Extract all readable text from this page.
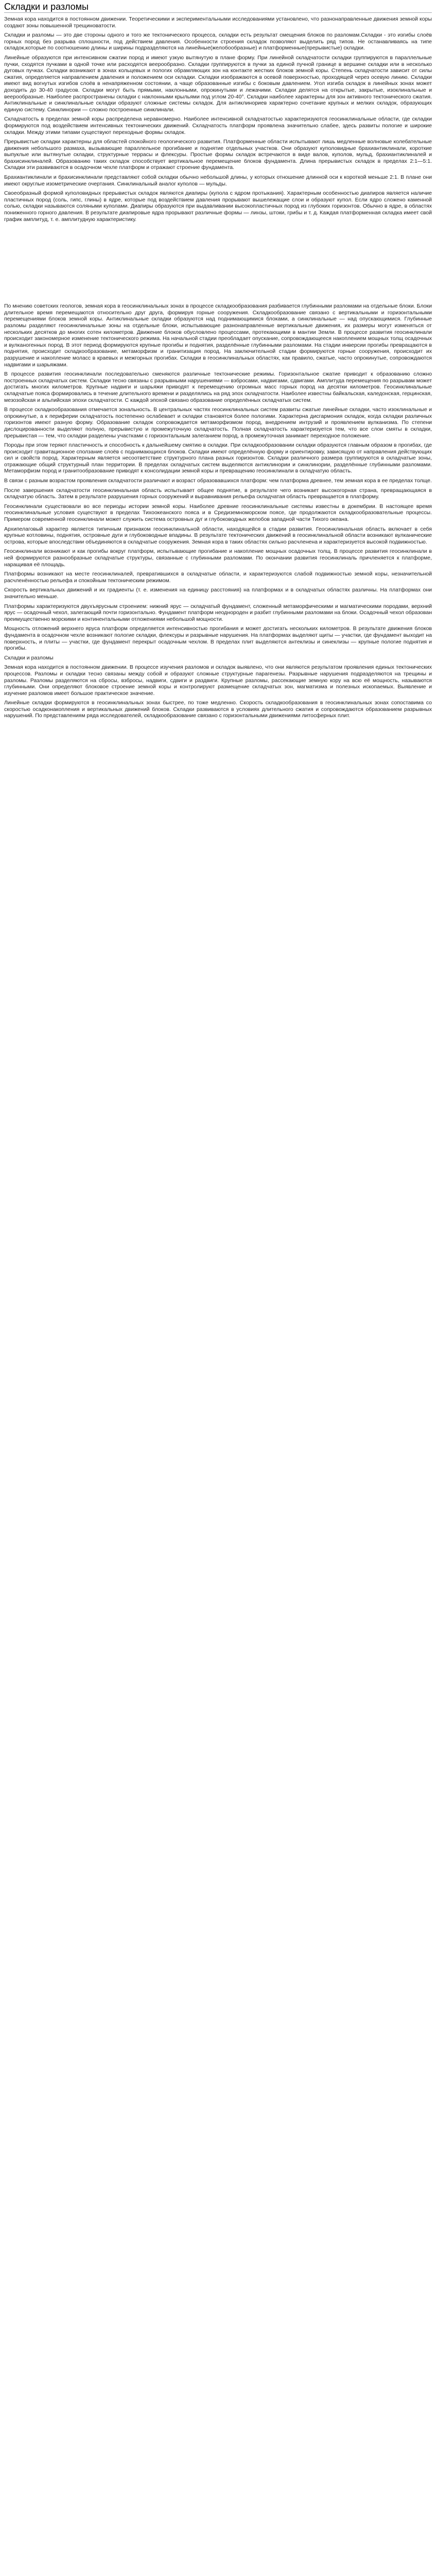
Складки и разломы

Земная кора находится в постоянном движении. Теоретическими и экспериментальными исследованиями установлено, что разнонаправленные движения земной коры создают зоны повышенной трещиноватости.

Складки и разломы — это две стороны одного и того же тектонического процесса, складки есть результат смещения блоков по разломам.Складки - это изгибы слоёв горных пород без разрыва сплошности, под действием давления. Особенности строения складок позволяют выделить ряд типов. Не останавливаясь на типе складок,которые по соотношению длины и ширины подразделяются на линейные(желобообразные) и платформенные(прерывистые) складки.

Линейные образуются при интенсивном сжатии пород и имеют узкую вытянутую в плане форму. При линейной складчатости складки группируются в параллельные пучки, сходятся пучками в одной точке или расходятся веерообразно. Складки группируются в пучки за единой пучной границе в вершине складки или в несколько дуговых пучках. Складки возникают в зонах кольцевых и пологих обрамляющих зон на контакте жестких блоков земной коры. Степень складчатости зависит от силы сжатия, определяется направлением давления и положением оси складки. Складки изображаются в осевой поверхностью, проходящей через осевую линию. Складки имеют вид вогнутых изгибов слоёв в ненапряженном состоянии, а чаще образованные изгибы с боковым давлением. Угол изгиба складок в линейных зонах может доходить до 30-40 градусов. Складки могут быть прямыми, наклонными, опрокинутыми и лежачими. Складки делятся на открытые, закрытые, изоклинальные и веерообразные. Наиболее распространены складки с наклонными крыльями под углом 20-40°. Складки наиболее характерны для зон активного тектонического сжатия. Антиклинальные и синклинальные складки образуют сложные системы складок. Для антиклинориев характерно сочетание крупных и мелких складок, образующих единую систему. Синклинории — сложно построенные синклинали.

Складчатость в пределах земной коры распределена неравномерно. Наиболее интенсивной складчатостью характеризуются геосинклинальные области, где складки формируются под воздействием интенсивных тектонических движений. Складчатость платформ проявлена значительно слабее, здесь развиты пологие и широкие складки. Между этими типами существуют переходные формы складок.

Прерывистые складки характерны для областей спокойного геологического развития. Платформенные области испытывают лишь медленные волновые колебательные движения небольшого размаха, вызывающие параллельное прогибание и поднятие отдельных участков. Они образуют куполовидные брахиантиклинали, короткие выпуклые или вытянутые складки, структурные террасы и флексуры. Простые формы складок встречаются в виде валов, куполов, мульд, брахиантиклиналей и брахисинклиналей. Образованию таких складок способствует вертикальное перемещение блоков фундамента. Длина прерывистых складок в пределах 2:1—5:1. Складки эти развиваются в осадочном чехле платформ и отражают строение фундамента.

Брахиантиклинали и брахисинклинали представляют собой складки обычно небольшой длины, у которых отношение длинной оси к короткой меньше 2:1. В плане они имеют округлые изометрические очертания. Синклинальный аналог куполов — мульды.

Своеобразный формой куполовидных прерывистых складок являются диапиры (купола с ядром протыкания). Характерным особенностью диапиров является наличие пластичных пород (соль, гипс, глины) в ядре, которые под воздействием давления прорывают вышележащие слои и образуют купол. Если ядро сложено каменной солью, складки называются соляными куполами. Диапиры образуются при выдавливании высокопластичных пород из глубоких горизонтов. Обычно в ядре, в областях пониженного горного давления. В результате диапировые ядра прорывают различные формы — линзы, штоки, грибы и т. д. Каждая платформенная складка имеет свой график амплитуд, т. е. амплитудную характеристику.

По мнению советских геологов, земная кора в геосинклинальных зонах в процессе складкообразования разбивается глубинными разломами на отдельные блоки. Блоки длительное время перемещаются относительно друг друга, формируя горные сооружения. Складкообразование связано с вертикальными и горизонтальными перемещениями блоков земной коры. Антиклинальные складки образуются над поднимающимися блоками, а синклинальные — над опускающимися. Глубинные разломы разделяют геосинклинальные зоны на отдельные блоки, испытывающие разнонаправленные вертикальные движения, их размеры могут изменяться от нескольких десятков до многих сотен километров. Движение блоков обусловлено процессами, протекающими в мантии Земли. В процессе развития геосинклинали происходит закономерное изменение тектонического режима. На начальной стадии преобладает опускание, сопровождающееся накоплением мощных толщ осадочных и вулканогенных пород. В этот период формируются крупные прогибы и поднятия, разделённые глубинными разломами. На стадии инверсии прогибы превращаются в поднятия, происходит складкообразование, метаморфизм и гранитизация пород. На заключительной стадии формируются горные сооружения, происходит их разрушение и накопление моласс в краевых и межгорных прогибах. Складки в геосинклинальных областях, как правило, сжатые, часто опрокинутые, сопровождаются надвигами и шарьяжами.

В процессе развития геосинклинали последовательно сменяются различные тектонические режимы. Горизонтальное сжатие приводит к образованию сложно построенных складчатых систем. Складки тесно связаны с разрывными нарушениями — взбросами, надвигами, сдвигами. Амплитуда перемещения по разрывам может достигать многих километров. Крупные надвиги и шарьяжи приводят к перемещению огромных масс горных пород на десятки километров. Геосинклинальные складчатые пояса формировались в течение длительного времени и разделялись на ряд эпох складчатости. Наиболее известны байкальская, каледонская, герцинская, мезозойская и альпийская эпохи складчатости. С каждой эпохой связано образование определённых складчатых систем.

В процессе складкообразования отмечается зональность. В центральных частях геосинклинальных систем развиты сжатые линейные складки, часто изоклинальные и опрокинутые, а к периферии складчатость постепенно ослабевает и складки становятся более пологими. Характерна дисгармония складок, когда складки различных горизонтов имеют разную форму. Образование складок сопровождается метаморфизмом пород, внедрением интрузий и проявлением вулканизма. По степени дислоцированности выделяют полную, прерывистую и промежуточную складчатость. Полная складчатость характеризуется тем, что все слои смяты в складки, прерывистая — тем, что складки разделены участками с горизонтальным залеганием пород, а промежуточная занимает переходное положение.

Породы при этом теряют пластичность и способность к дальнейшему смятию в складки. При складкообразовании складки образуются главным образом в прогибах, где происходит гравитационное сползание слоёв с поднимающихся блоков. Складки имеют определённую форму и ориентировку, зависящую от направления действующих сил и свойств пород. Характерным является несоответствие структурного плана разных горизонтов. Складки различного размера группируются в складчатые зоны, отражающие общий структурный план территории. В пределах складчатых систем выделяются антиклинории и синклинории, разделённые глубинными разломами. Метаморфизм пород и гранитообразование приводят к консолидации земной коры и превращению геосинклинали в складчатую область.

В связи с разным возрастом проявления складчатости различают и возраст образовавшихся платформ: чем платформа древнее, тем земная кора в ее пределах толще.

После завершения складчатости геосинклинальная область испытывает общее поднятие, в результате чего возникает высокогорная страна, превращающаяся в складчатую область. Затем в результате разрушения горных сооружений и выравнивания рельефа складчатая область превращается в платформу.

Геосинклинали существовали во все периоды истории земной коры. Наиболее древние геосинклинальные системы известны в докембрии. В настоящее время геосинклинальные условия существуют в пределах Тихоокеанского пояса и в Средиземноморском поясе, где продолжаются складкообразовательные процессы. Примером современной геосинклинали может служить система островных дуг и глубоководных желобов западной части Тихого океана.

Архипелаговый характер является типичным признаком геосинклинальной области, находящейся в стадии развития. Геосинклинальная область включает в себя крупные котловины, поднятия, островные дуги и глубоководные впадины. В результате тектонических движений в геосинклинальной области возникают вулканические острова, которые впоследствии объединяются в складчатые сооружения. Земная кора в таких областях сильно расчленена и характеризуется высокой подвижностью.

Геосинклинали возникают и как прогибы вокруг платформ, испытывающие прогибание и накопление мощных осадочных толщ. В процессе развития геосинклинали в ней формируются разнообразные складчатые структуры, связанные с глубинными разломами. По окончании развития геосинклиналь причленяется к платформе, наращивая её площадь.

Платформы возникают на месте геосинклиналей, превратившихся в складчатые области, и характеризуются слабой подвижностью земной коры, незначительной расчленённостью рельефа и спокойным тектоническим режимом.

Скорость вертикальных движений и их градиенты (т. е. изменения на единицу расстояния) на платформах и в складчатых областях различны. На платформах они значительно меньше.

Платформы характеризуются двухъярусным строением: нижний ярус — складчатый фундамент, сложенный метаморфическими и магматическими породами, верхний ярус — осадочный чехол, залегающий почти горизонтально. Фундамент платформ неоднороден и разбит глубинными разломами на блоки. Осадочный чехол образован преимущественно морскими и континентальными отложениями небольшой мощности.

Мощность отложений верхнего яруса платформ определяется интенсивностью прогибания и может достигать нескольких километров. В результате движения блоков фундамента в осадочном чехле возникают пологие складки, флексуры и разрывные нарушения. На платформах выделяют щиты — участки, где фундамент выходит на поверхность, и плиты — участки, где фундамент перекрыт осадочным чехлом. В пределах плит выделяются антеклизы и синеклизы — крупные пологие поднятия и прогибы.

Складки и разломы

Земная кора находится в постоянном движении. В процессе изучения разломов и складок выявлено, что они являются результатом проявления единых тектонических процессов. Разломы и складки тесно связаны между собой и образуют сложные структурные парагенезы. Разрывные нарушения подразделяются на трещины и разломы. Разломы разделяются на сбросы, взбросы, надвиги, сдвиги и раздвиги. Крупные разломы, рассекающие земную кору на всю её мощность, называются глубинными. Они определяют блоковое строение земной коры и контролируют размещение складчатых зон, магматизма и полезных ископаемых. Выявление и изучение разломов имеет большое практическое значение.

Линейные складки формируются в геосинклинальных зонах быстрее, по тоже медленно. Скорость складкообразования в геосинклинальных зонах сопоставима со скоростью осадконакопления и вертикальных движений блоков. Складки развиваются в условиях длительного сжатия и сопровождаются образованием разрывных нарушений. По представлениям ряда исследователей, складкообразование связано с горизонтальными движениями литосферных плит.
